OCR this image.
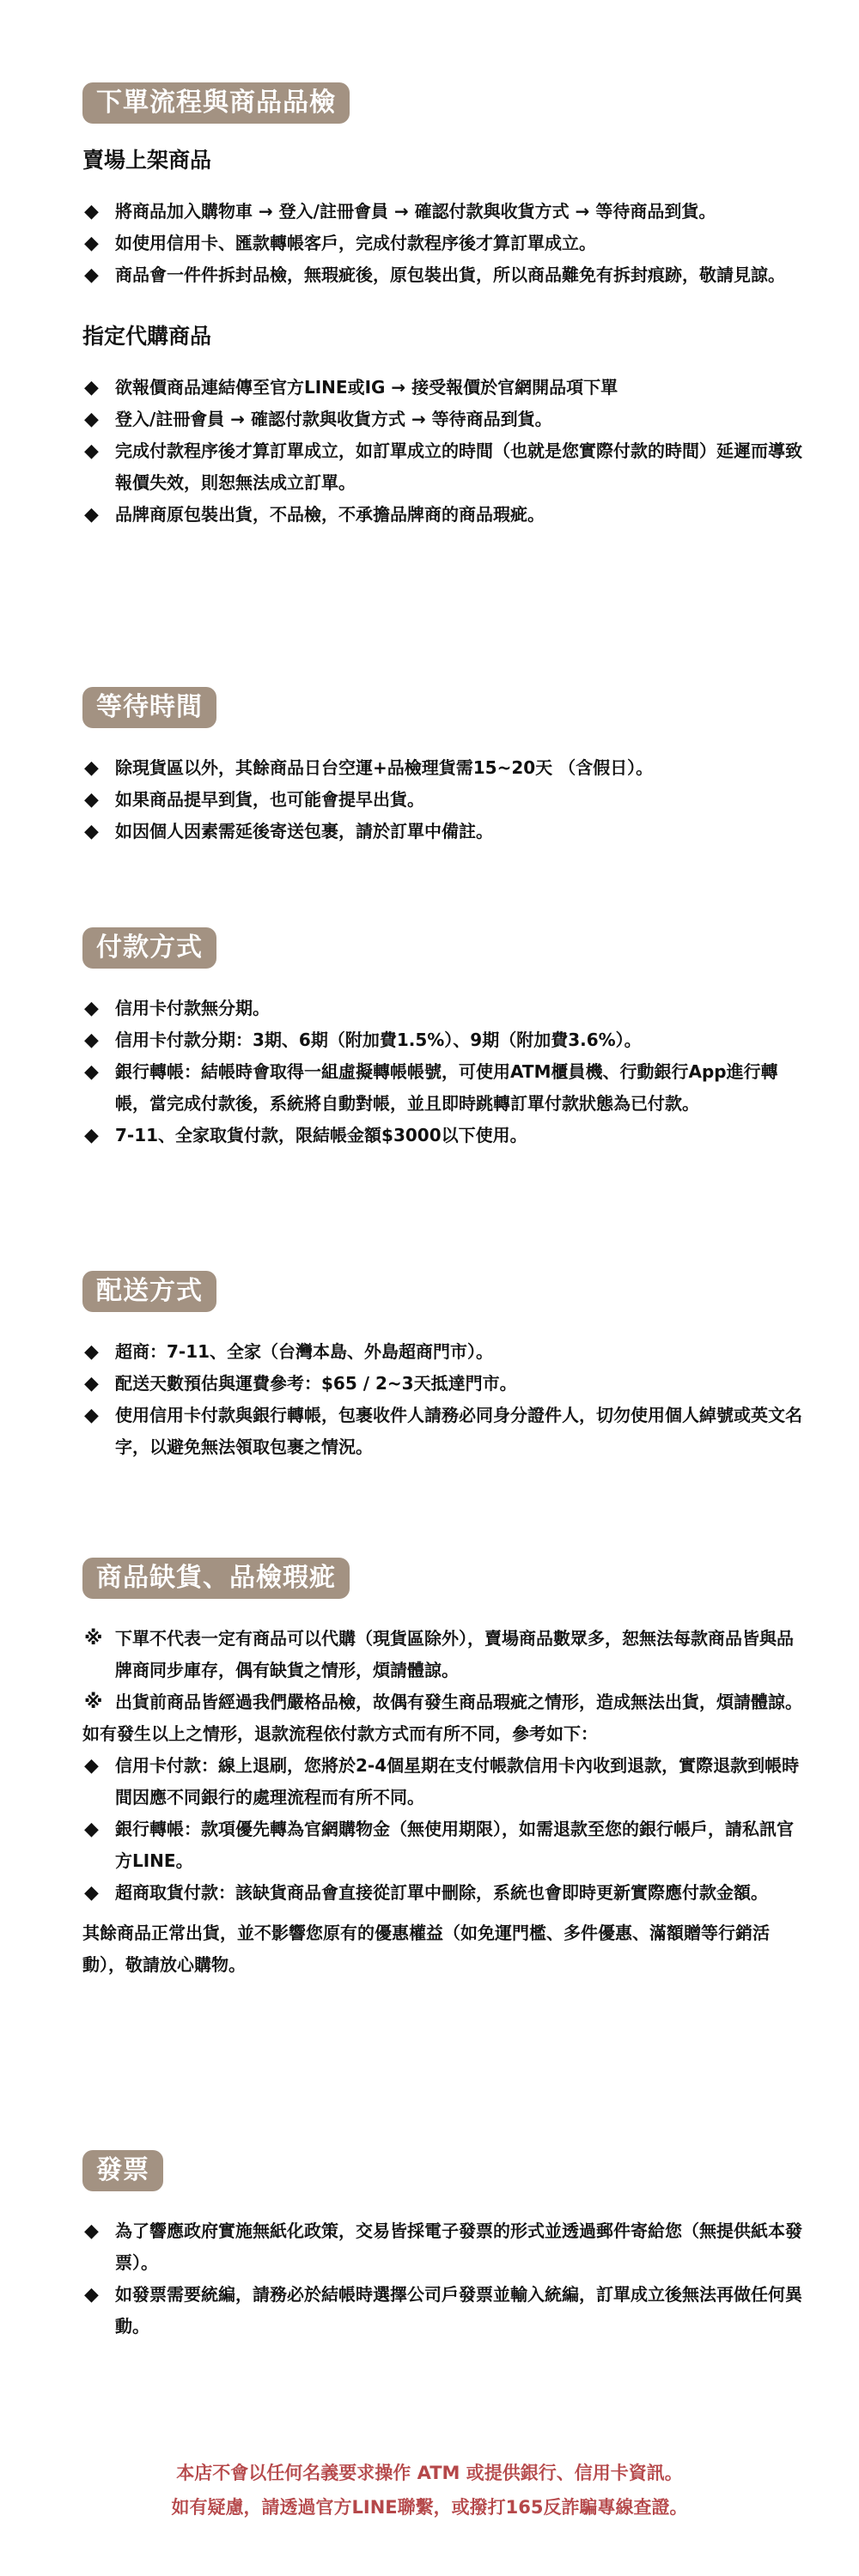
下單流程與商品品檢

賣場上架商品

◆ 將商品加入購物車 → 登入/註冊會員 → 確認付款與收貨方式 → 等待商品到貨。
◆ 如使用信用卡、匯款轉帳客戶，完成付款程序後才算訂單成立。
◆ 商品會一件件拆封品檢，無瑕疵後，原包裝出貨，所以商品難免有拆封痕跡，敬請見諒。

指定代購商品

◆ 欲報價商品連結傳至官方LINE或IG → 接受報價於官網開品項下單
◆ 登入/註冊會員 → 確認付款與收貨方式 → 等待商品到貨。
◆ 完成付款程序後才算訂單成立，如訂單成立的時間（也就是您實際付款的時間）延遲而導致報價失效，則恕無法成立訂單。
◆ 品牌商原包裝出貨，不品檢，不承擔品牌商的商品瑕疵。
等待時間
◆ 除現貨區以外，其餘商品日台空運+品檢理貨需15~20天 （含假日）。
◆ 如果商品提早到貨，也可能會提早出貨。
◆ 如因個人因素需延後寄送包裹，請於訂單中備註。
付款方式
◆ 信用卡付款無分期。
◆ 信用卡付款分期：3期、6期（附加費1.5%）、9期（附加費3.6%）。
◆ 銀行轉帳：結帳時會取得一組虛擬轉帳帳號，可使用ATM櫃員機、行動銀行App進行轉帳，當完成付款後，系統將自動對帳，並且即時跳轉訂單付款狀態為已付款。
◆ 7-11、全家取貨付款，限結帳金額$3000以下使用。
配送方式
◆ 超商：7-11、全家（台灣本島、外島超商門市）。
◆ 配送天數預估與運費參考：$65 / 2~3天抵達門市。
◆ 使用信用卡付款與銀行轉帳，包裹收件人請務必同身分證件人，切勿使用個人綽號或英文名字，以避免無法領取包裹之情況。
商品缺貨、品檢瑕疵
※ 下單不代表一定有商品可以代購（現貨區除外），賣場商品數眾多，恕無法每款商品皆與品牌商同步庫存，偶有缺貨之情形，煩請體諒。
※ 出貨前商品皆經過我們嚴格品檢，故偶有發生商品瑕疵之情形，造成無法出貨，煩請體諒。

如有發生以上之情形，退款流程依付款方式而有所不同，參考如下：

◆ 信用卡付款：線上退刷，您將於2-4個星期在支付帳款信用卡內收到退款，實際退款到帳時間因應不同銀行的處理流程而有所不同。
◆ 銀行轉帳：款項優先轉為官網購物金（無使用期限），如需退款至您的銀行帳戶，請私訊官方LINE。
◆ 超商取貨付款：該缺貨商品會直接從訂單中刪除，系統也會即時更新實際應付款金額。

其餘商品正常出貨，並不影響您原有的優惠權益（如免運門檻、多件優惠、滿額贈等行銷活動），敬請放心購物。

發票
◆ 為了響應政府實施無紙化政策，交易皆採電子發票的形式並透過郵件寄給您（無提供紙本發票）。
◆ 如發票需要統編，請務必於結帳時選擇公司戶發票並輸入統編，訂單成立後無法再做任何異動。
本店不會以任何名義要求操作 ATM 或提供銀行、信用卡資訊。
如有疑慮，請透過官方LINE聯繫，或撥打165反詐騙專線查證。
